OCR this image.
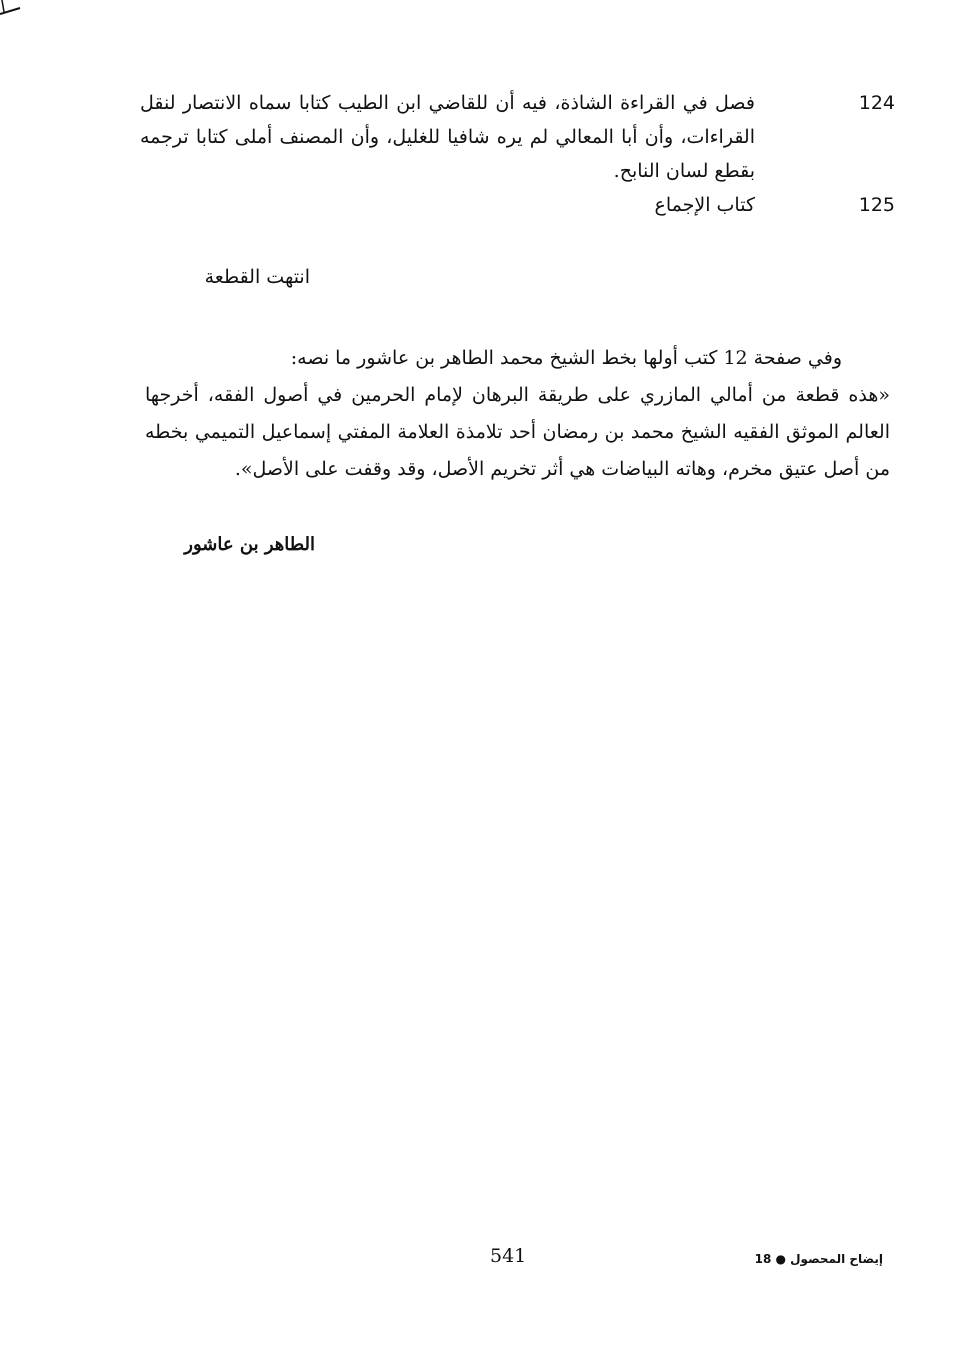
124
فصل في القراءة الشاذة، فيه أن للقاضي ابن الطيب كتابا سماه الانتصار لنقل القراءات، وأن أبا المعالي لم يره شافيا للغليل، وأن المصنف أملى كتابا ترجمه بقطع لسان النابح.
125
كتاب الإجماع
انتهت القطعة
وفي صفحة 12 كتب أولها بخط الشيخ محمد الطاهر بن عاشور ما نصه:
«هذه قطعة من أمالي المازري على طريقة البرهان لإمام الحرمين في أصول الفقه، أخرجها العالم الموثق الفقيه الشيخ محمد بن رمضان أحد تلامذة العلامة المفتي إسماعيل التميمي بخطه من أصل عتيق مخرم، وهاته البياضات هي أثر تخريم الأصل، وقد وقفت على الأصل».
الطاهر بن عاشور
541	إيضاح المحصول ● 18
